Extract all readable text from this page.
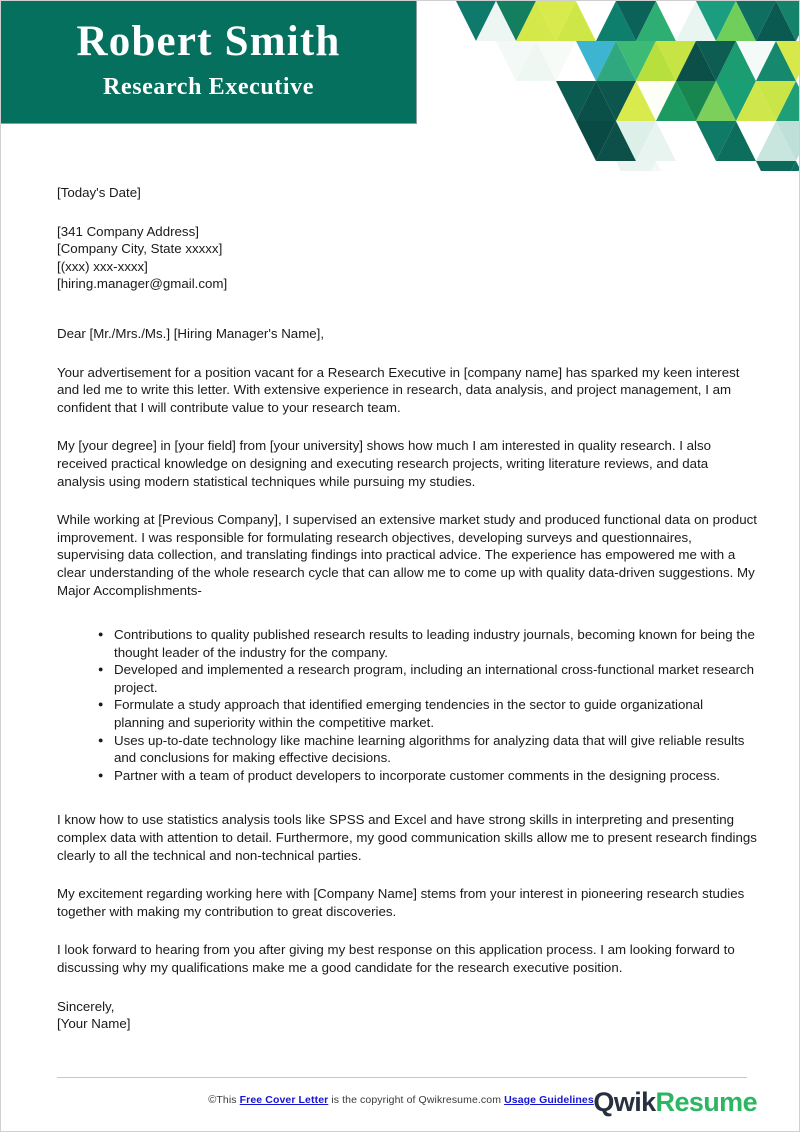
Robert Smith
Research Executive
[Today's Date]
[341 Company Address]
[Company City, State xxxxx]
[(xxx) xxx-xxxx]
[hiring.manager@gmail.com]
Dear [Mr./Mrs./Ms.] [Hiring Manager's Name],

Your advertisement for a position vacant for a Research Executive in [company name] has sparked my keen interest and led me to write this letter. With extensive experience in research, data analysis, and project management, I am confident that I will contribute value to your research team.

My [your degree] in [your field] from [your university] shows how much I am interested in quality research. I also received practical knowledge on designing and executing research projects, writing literature reviews, and data analysis using modern statistical techniques while pursuing my studies.

While working at [Previous Company], I supervised an extensive market study and produced functional data on product improvement. I was responsible for formulating research objectives, developing surveys and questionnaires, supervising data collection, and translating findings into practical advice. The experience has empowered me with a clear understanding of the whole research cycle that can allow me to come up with quality data-driven suggestions. My Major Accomplishments-

● Contributions to quality published research results to leading industry journals, becoming known for being the thought leader of the industry for the company.
● Developed and implemented a research program, including an international cross-functional market research project.
● Formulate a study approach that identified emerging tendencies in the sector to guide organizational planning and superiority within the competitive market.
● Uses up-to-date technology like machine learning algorithms for analyzing data that will give reliable results and conclusions for making effective decisions.
● Partner with a team of product developers to incorporate customer comments in the designing process.

I know how to use statistics analysis tools like SPSS and Excel and have strong skills in interpreting and presenting complex data with attention to detail. Furthermore, my good communication skills allow me to present research findings clearly to all the technical and non-technical parties.

My excitement regarding working here with [Company Name] stems from your interest in pioneering research studies together with making my contribution to great discoveries.

I look forward to hearing from you after giving my best response on this application process. I am looking forward to discussing why my qualifications make me a good candidate for the research executive position.

Sincerely,
[Your Name]
©This Free Cover Letter is the copyright of Qwikresume.com Usage Guidelines QwikResume
